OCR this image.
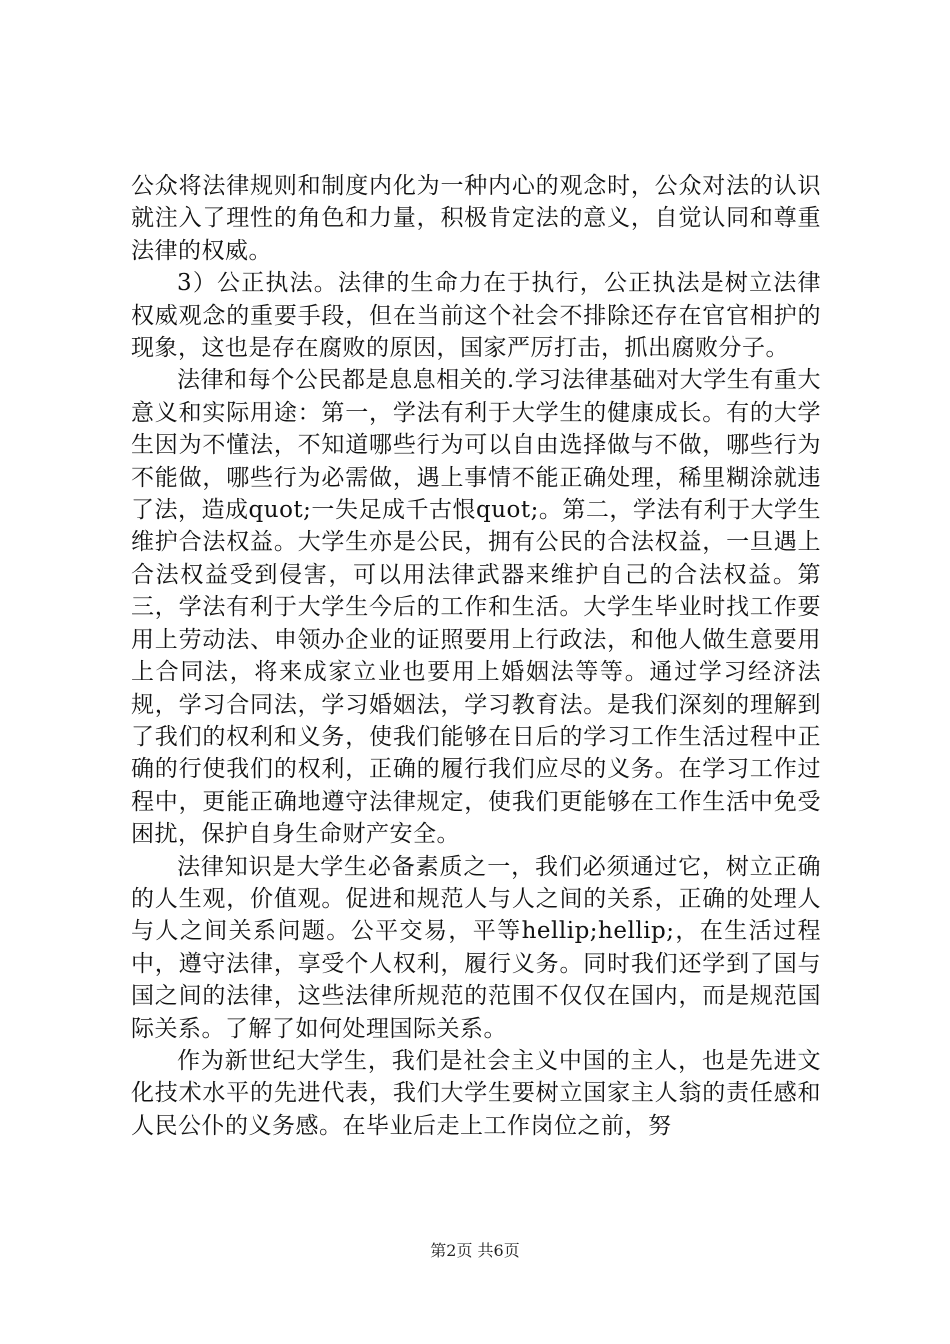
公众将法律规则和制度内化为一种内心的观念时，公众对法的认识就注入了理性的角色和力量，积极肯定法的意义，自觉认同和尊重法律的权威。

3）公正执法。法律的生命力在于执行，公正执法是树立法律权威观念的重要手段，但在当前这个社会不排除还存在官官相护的现象，这也是存在腐败的原因，国家严厉打击，抓出腐败分子。

法律和每个公民都是息息相关的.学习法律基础对大学生有重大意义和实际用途：第一，学法有利于大学生的健康成长。有的大学生因为不懂法，不知道哪些行为可以自由选择做与不做，哪些行为不能做，哪些行为必需做，遇上事情不能正确处理，稀里糊涂就违了法，造成quot;一失足成千古恨quot;。第二，学法有利于大学生维护合法权益。大学生亦是公民，拥有公民的合法权益，一旦遇上合法权益受到侵害，可以用法律武器来维护自己的合法权益。第三，学法有利于大学生今后的工作和生活。大学生毕业时找工作要用上劳动法、申领办企业的证照要用上行政法，和他人做生意要用上合同法，将来成家立业也要用上婚姻法等等。通过学习经济法规，学习合同法，学习婚姻法，学习教育法。是我们深刻的理解到了我们的权利和义务，使我们能够在日后的学习工作生活过程中正确的行使我们的权利，正确的履行我们应尽的义务。在学习工作过程中，更能正确地遵守法律规定，使我们更能够在工作生活中免受困扰，保护自身生命财产安全。

法律知识是大学生必备素质之一，我们必须通过它，树立正确的人生观，价值观。促进和规范人与人之间的关系，正确的处理人与人之间关系问题。公平交易，平等hellip;hellip;，在生活过程中，遵守法律，享受个人权利，履行义务。同时我们还学到了国与国之间的法律，这些法律所规范的范围不仅仅在国内，而是规范国际关系。了解了如何处理国际关系。

作为新世纪大学生，我们是社会主义中国的主人，也是先进文化技术水平的先进代表，我们大学生要树立国家主人翁的责任感和人民公仆的义务感。在毕业后走上工作岗位之前，努

第2页 共6页
